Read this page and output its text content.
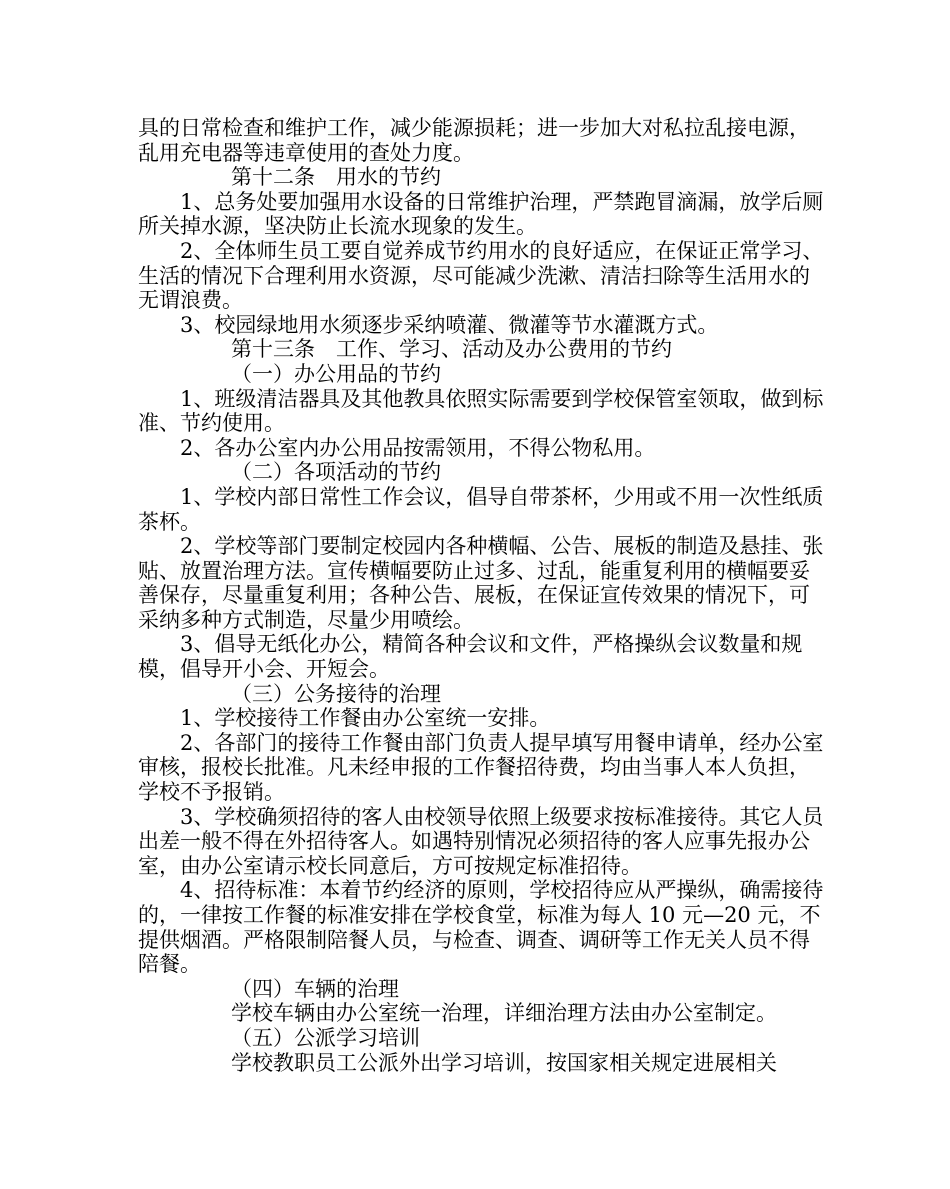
具的日常检查和维护工作，减少能源损耗；进一步加大对私拉乱接电源，乱用充电器等违章使用的查处力度。

第十二条　用水的节约

1、总务处要加强用水设备的日常维护治理，严禁跑冒滴漏，放学后厕所关掉水源，坚决防止长流水现象的发生。

2、全体师生员工要自觉养成节约用水的良好适应，在保证正常学习、生活的情况下合理利用水资源，尽可能减少洗漱、清洁扫除等生活用水的无谓浪费。

3、校园绿地用水须逐步采纳喷灌、微灌等节水灌溉方式。

第十三条　工作、学习、活动及办公费用的节约

（一）办公用品的节约

1、班级清洁器具及其他教具依照实际需要到学校保管室领取，做到标准、节约使用。

2、各办公室内办公用品按需领用，不得公物私用。

（二）各项活动的节约

1、学校内部日常性工作会议，倡导自带茶杯，少用或不用一次性纸质茶杯。

2、学校等部门要制定校园内各种横幅、公告、展板的制造及悬挂、张贴、放置治理方法。宣传横幅要防止过多、过乱，能重复利用的横幅要妥善保存，尽量重复利用；各种公告、展板，在保证宣传效果的情况下，可采纳多种方式制造，尽量少用喷绘。

3、倡导无纸化办公，精简各种会议和文件，严格操纵会议数量和规模，倡导开小会、开短会。

（三）公务接待的治理

1、学校接待工作餐由办公室统一安排。

2、各部门的接待工作餐由部门负责人提早填写用餐申请单，经办公室审核，报校长批准。凡未经申报的工作餐招待费，均由当事人本人负担，学校不予报销。

3、学校确须招待的客人由校领导依照上级要求按标准接待。其它人员出差一般不得在外招待客人。如遇特别情况必须招待的客人应事先报办公室，由办公室请示校长同意后，方可按规定标准招待。

4、招待标准：本着节约经济的原则，学校招待应从严操纵，确需接待的，一律按工作餐的标准安排在学校食堂，标准为每人 10 元—20 元，不提供烟酒。严格限制陪餐人员，与检查、调查、调研等工作无关人员不得陪餐。

（四）车辆的治理

学校车辆由办公室统一治理，详细治理方法由办公室制定。

（五）公派学习培训

学校教职员工公派外出学习培训，按国家相关规定进展相关
